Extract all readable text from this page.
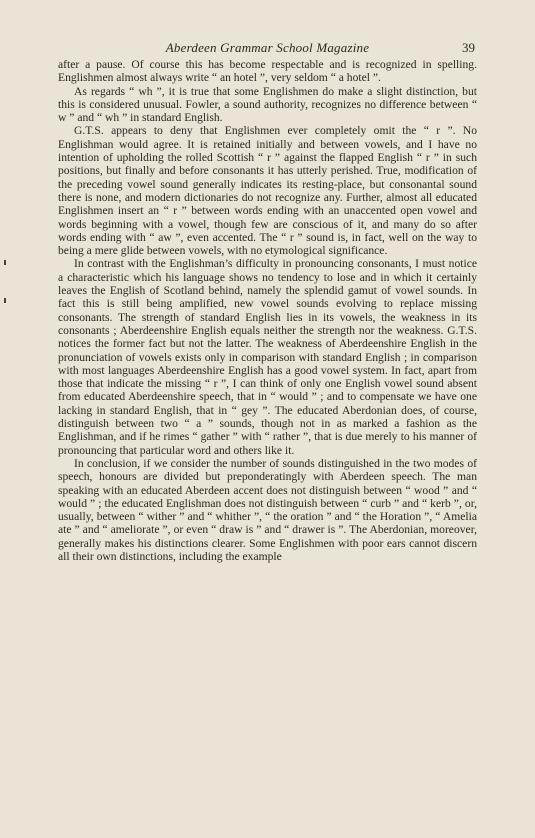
Aberdeen Grammar School Magazine	39

after a pause. Of course this has become respectable and is recognized in spelling. Englishmen almost always write “ an hotel ”, very seldom “ a hotel ”.

As regards “ wh ”, it is true that some Englishmen do make a slight distinction, but this is considered unusual. Fowler, a sound authority, recognizes no difference between “ w ” and “ wh ” in standard English.

G.T.S. appears to deny that Englishmen ever completely omit the “ r ”. No Englishman would agree. It is retained initially and between vowels, and I have no intention of upholding the rolled Scottish “ r ” against the flapped English “ r ” in such positions, but finally and before consonants it has utterly perished. True, modification of the preceding vowel sound generally indicates its resting-place, but consonantal sound there is none, and modern dictionaries do not recognize any. Further, almost all educated Englishmen insert an “ r ” between words ending with an unaccented open vowel and words beginning with a vowel, though few are conscious of it, and many do so after words ending with “ aw ”, even accented. The “ r ” sound is, in fact, well on the way to being a mere glide between vowels, with no etymological significance.

In contrast with the Englishman’s difficulty in pronouncing consonants, I must notice a characteristic which his language shows no tendency to lose and in which it certainly leaves the English of Scotland behind, namely the splendid gamut of vowel sounds. In fact this is still being amplified, new vowel sounds evolving to replace missing consonants. The strength of standard English lies in its vowels, the weakness in its consonants ; Aberdeenshire English equals neither the strength nor the weakness. G.T.S. notices the former fact but not the latter. The weakness of Aberdeenshire English in the pronunciation of vowels exists only in comparison with standard English ; in comparison with most languages Aberdeenshire English has a good vowel system. In fact, apart from those that indicate the missing “ r ”, I can think of only one English vowel sound absent from educated Aberdeenshire speech, that in “ would ” ; and to compensate we have one lacking in standard English, that in “ gey ”. The educated Aberdonian does, of course, distinguish between two “ a ” sounds, though not in as marked a fashion as the Englishman, and if he rimes “ gather ” with “ rather ”, that is due merely to his manner of pronouncing that particular word and others like it.

In conclusion, if we consider the number of sounds distinguished in the two modes of speech, honours are divided but preponderatingly with Aberdeen speech. The man speaking with an educated Aberdeen accent does not distinguish between “ wood ” and “ would ” ; the educated Englishman does not distinguish between “ curb ” and “ kerb ”, or, usually, between “ wither ” and “ whither ”, “ the oration ” and “ the Horation ”, “ Amelia ate ” and “ ameliorate ”, or even “ draw is ” and “ drawer is ”. The Aberdonian, moreover, generally makes his distinctions clearer. Some Englishmen with poor ears cannot discern all their own distinctions, including the example
